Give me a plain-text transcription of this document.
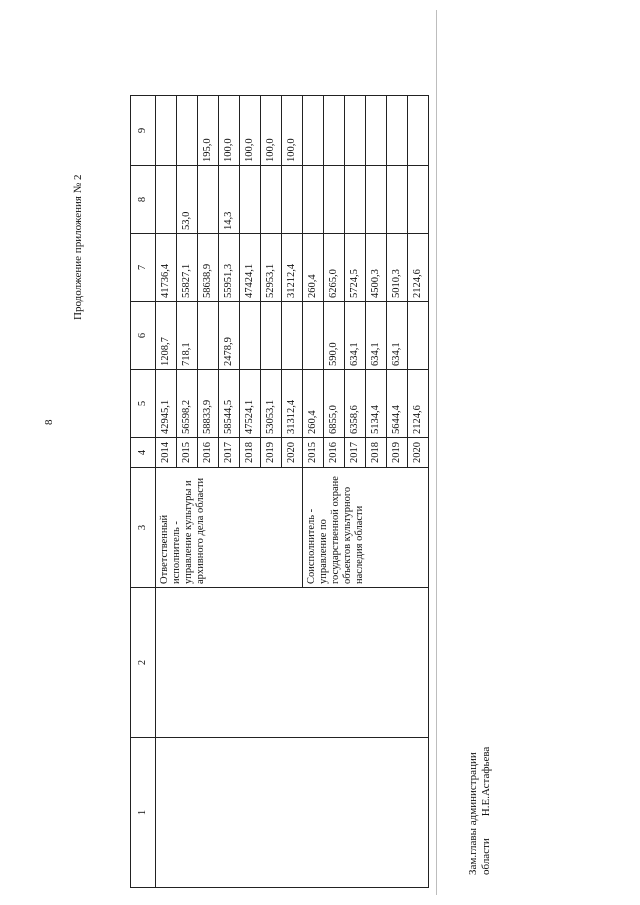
8
Продолжение приложения № 2
1	2	3	4	5	6	7	8	9
		Ответственный исполнитель - управление культуры и архивного дела области	2014	42945,1	1208,7	41736,4		
			2015	56598,2	718,1	55827,1	53,0	
			2016	58833,9		58638,9		195,0
			2017	58544,5	2478,9	55951,3	14,3	100,0
			2018	47524,1		47424,1		100,0
			2019	53053,1		52953,1		100,0
			2020	31312,4		31212,4		100,0
		Соисполнитель - управление по государственной охране объектов культурного наследия области	2015	260,4		260,4		
			2016	6855,0	590,0	6265,0		
			2017	6358,6	634,1	5724,5		
			2018	5134,4	634,1	4500,3		
			2019	5644,4	634,1	5010,3		
			2020	2124,6		2124,6		
Зам.главы администрации области        Н.Е.Астафьева
